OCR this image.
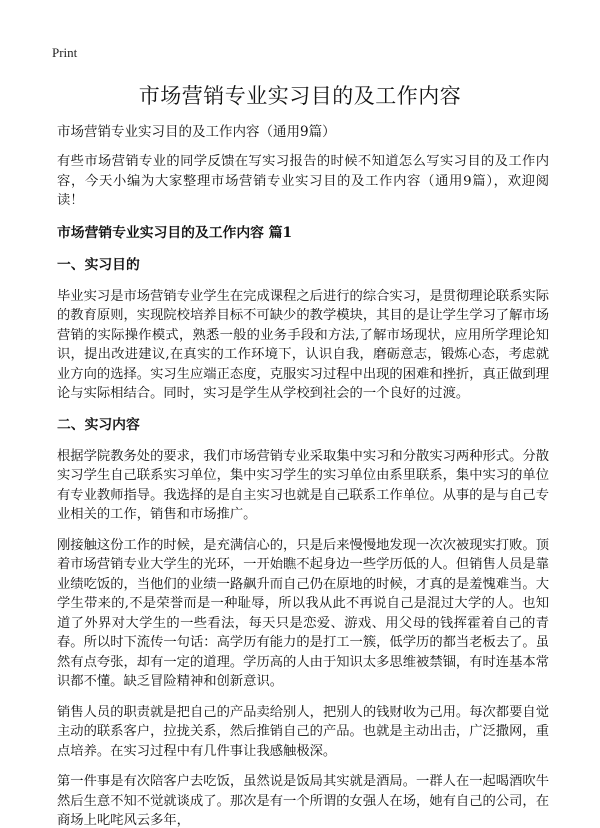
Print
市场营销专业实习目的及工作内容
市场营销专业实习目的及工作内容（通用9篇）

有些市场营销专业的同学反馈在写实习报告的时候不知道怎么写实习目的及工作内容，今天小编为大家整理市场营销专业实习目的及工作内容（通用9篇），欢迎阅读！

市场营销专业实习目的及工作内容 篇1
一、实习目的

毕业实习是市场营销专业学生在完成课程之后进行的综合实习，是贯彻理论联系实际的教育原则，实现院校培养目标不可缺少的教学模块，其目的是让学生学习了解市场营销的实际操作模式，熟悉一般的业务手段和方法,了解市场现状，应用所学理论知识，提出改进建议,在真实的工作环境下，认识自我，磨砺意志，锻炼心态，考虑就业方向的选择。实习生应端正态度，克服实习过程中出现的困难和挫折，真正做到理论与实际相结合。同时，实习是学生从学校到社会的一个良好的过渡。

二、实习内容

根据学院教务处的要求，我们市场营销专业采取集中实习和分散实习两种形式。分散实习学生自己联系实习单位，集中实习学生的实习单位由系里联系，集中实习的单位有专业教师指导。我选择的是自主实习也就是自己联系工作单位。从事的是与自己专业相关的工作，销售和市场推广。

刚接触这份工作的时候，是充满信心的，只是后来慢慢地发现一次次被现实打败。顶着市场营销专业大学生的光环，一开始瞧不起身边一些学历低的人。但销售人员是靠业绩吃饭的，当他们的业绩一路飙升而自己仍在原地的时候，才真的是羞愧难当。大学生带来的,不是荣誉而是一种耻辱，所以我从此不再说自己是混过大学的人。也知道了外界对大学生的一些看法，每天只是恋爱、游戏、用父母的钱挥霍着自己的青春。所以时下流传一句话：高学历有能力的是打工一簇，低学历的都当老板去了。虽然有点夸张，却有一定的道理。学历高的人由于知识太多思维被禁锢，有时连基本常识都不懂。缺乏冒险精神和创新意识。

销售人员的职责就是把自己的产品卖给别人，把别人的钱财收为己用。每次都要自觉主动的联系客户，拉拢关系，然后推销自己的产品。也就是主动出击，广泛撒网，重点培养。在实习过程中有几件事让我感触极深。

第一件事是有次陪客户去吃饭，虽然说是饭局其实就是酒局。一群人在一起喝酒吹牛然后生意不知不觉就谈成了。那次是有一个所谓的女强人在场，她有自己的公司，在商场上叱咤风云多年，
